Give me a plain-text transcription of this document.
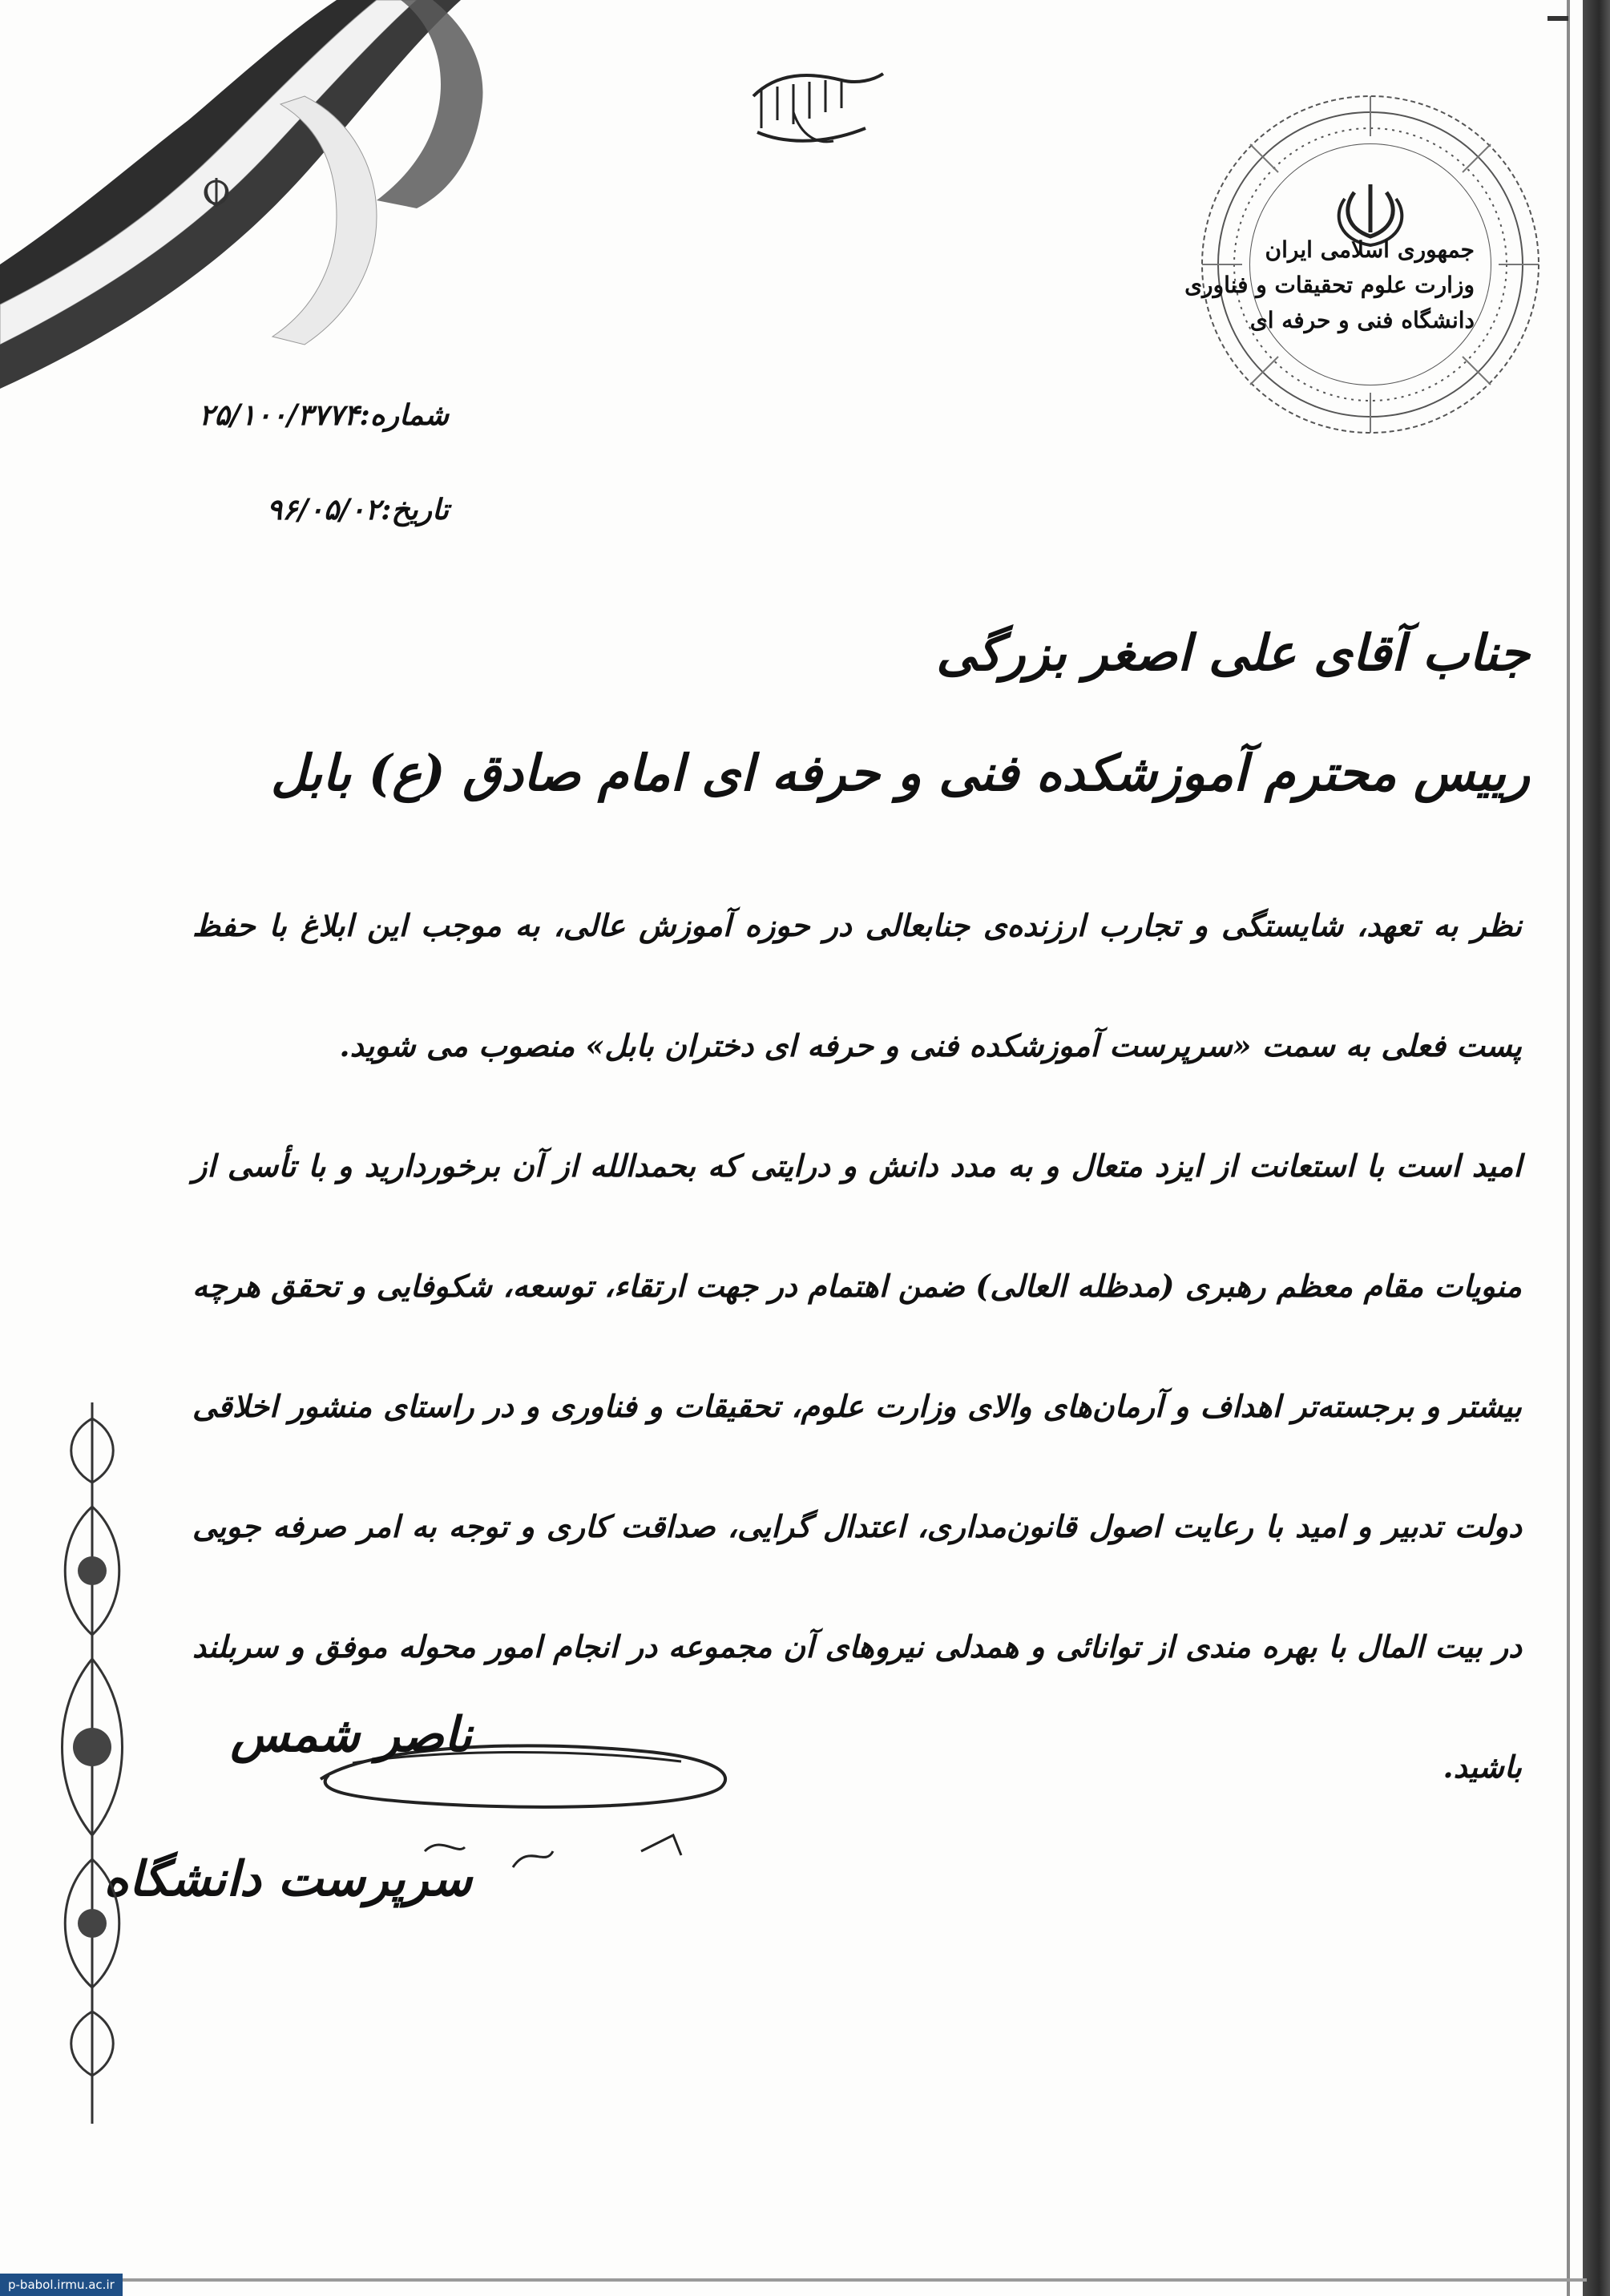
جمهوری اسلامی ایران
وزارت علوم تحقیقات و فناوری
دانشگاه فنی و حرفه ای
شماره:۲۵/۱۰۰/۳۷۷۴
تاریخ:۹۶/۰۵/۰۲
جناب آقای علی اصغر بزرگی
رییس محترم آموزشکده فنی و حرفه ای امام صادق (ع) بابل

نظر به تعهد، شایستگی و تجارب ارزنده‌ی جنابعالی در حوزه آموزش عالی، به موجب این ابلاغ با حفظ پست فعلی به سمت «سرپرست آموزشکده فنی و حرفه ای دختران بابل» منصوب می شوید.

امید است با استعانت از ایزد متعال و به مدد دانش و درایتی که بحمدالله از آن برخوردارید و با تأسی از منویات مقام معظم رهبری (مدظله العالی) ضمن اهتمام در جهت ارتقاء، توسعه، شکوفایی و تحقق هرچه بیشتر و برجسته‌تر اهداف و آرمان‌های والای وزارت علوم، تحقیقات و فناوری و در راستای منشور اخلاقی دولت تدبیر و امید با رعایت اصول قانون‌مداری، اعتدال گرایی، صداقت کاری و توجه به امر صرفه جویی در بیت المال با بهره مندی از توانائی و همدلی نیروهای آن مجموعه در انجام امور محوله موفق و سربلند باشید.

ناصر شمس
سرپرست دانشگاه
p-babol.irmu.ac.ir
